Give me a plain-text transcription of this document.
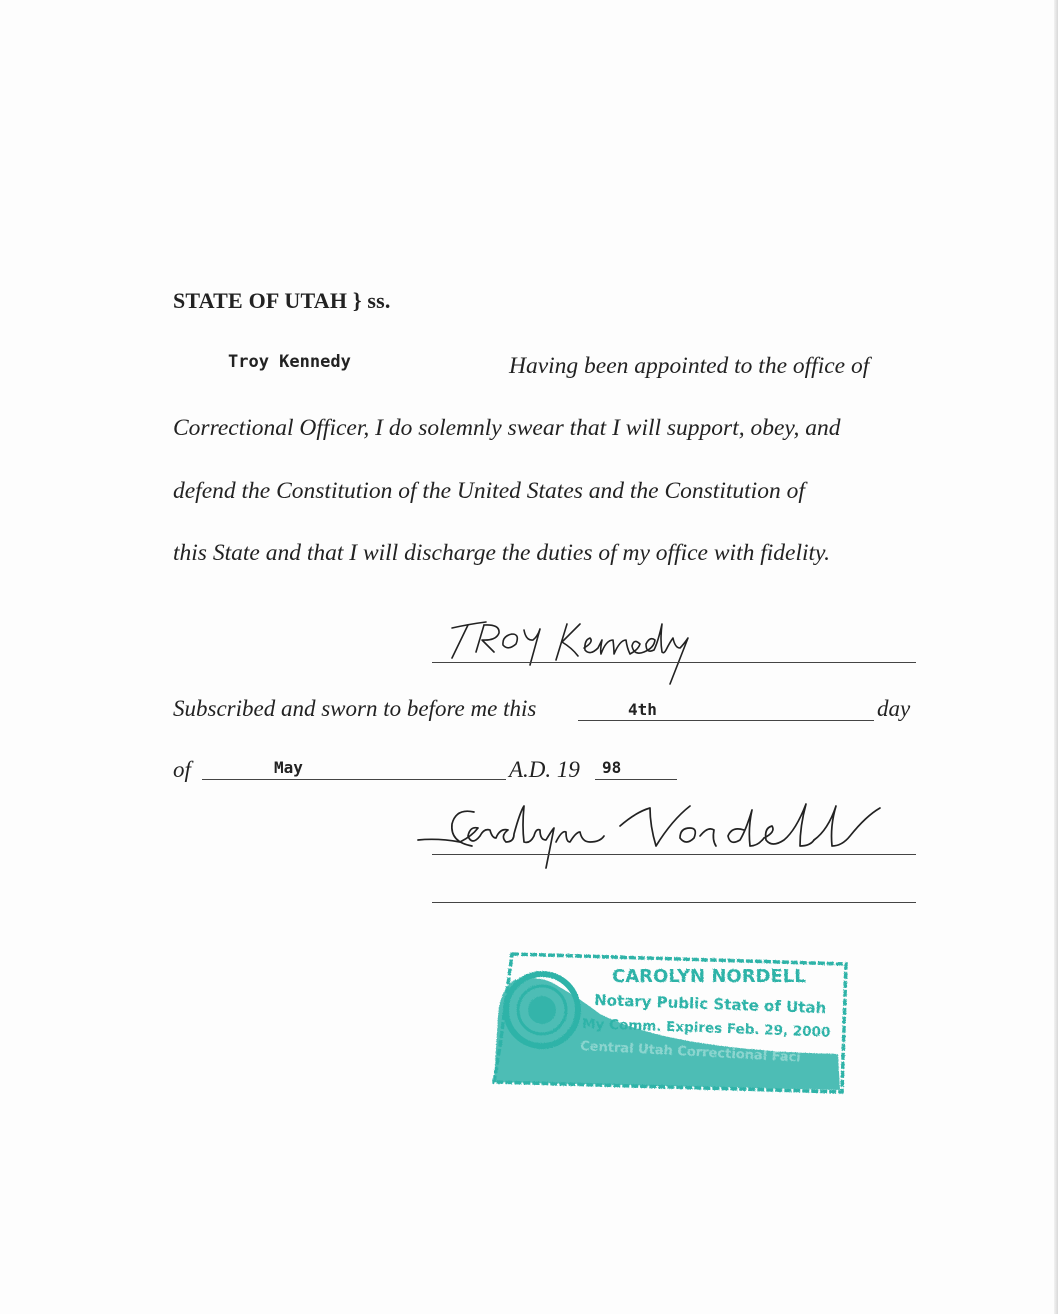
STATE OF UTAH } ss.
Troy Kennedy	Having been appointed to the office of
Correctional Officer, I do solemnly swear that I will support, obey, and
defend the Constitution of the United States and the Constitution of
this State and that I will discharge the duties of my office with fidelity.
Subscribed and sworn to before me this	4th	day
of	May	A.D. 19 98
CAROLYN NORDELL
Notary Public State of Utah
My Comm. Expires Feb. 29, 2000
Central Utah Correctional Faci
